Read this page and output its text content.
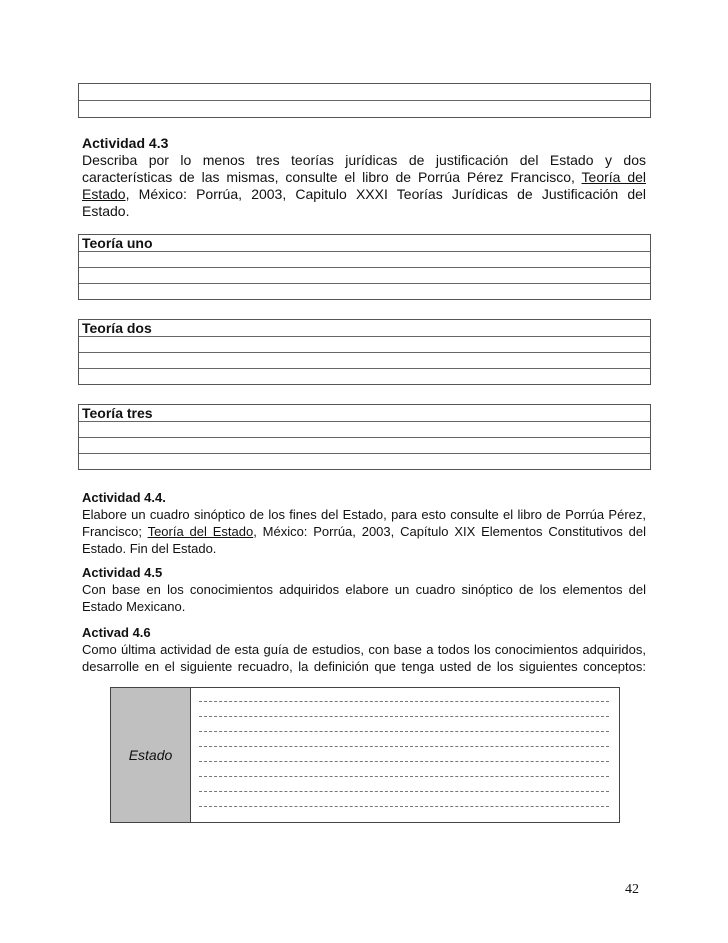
Actividad 4.3
Describa por lo menos tres teorías jurídicas de justificación del Estado y dos
características de las mismas, consulte el libro de Porrúa Pérez Francisco, Teoría del
Estado, México: Porrúa, 2003, Capitulo XXXI Teorías Jurídicas de Justificación del
Estado.
Teoría uno
Teoría dos
Teoría tres
Actividad 4.4.
Elabore un cuadro sinóptico de los fines del Estado, para esto consulte el libro de Porrúa Pérez,
Francisco; Teoría del Estado, México: Porrúa, 2003, Capítulo XIX Elementos Constitutivos del
Estado. Fin del Estado.
Actividad 4.5
Con base en los conocimientos adquiridos elabore un cuadro sinóptico de los elementos del
Estado Mexicano.
Activad 4.6
Como última actividad de esta guía de estudios, con base a todos los conocimientos adquiridos,
desarrolle en el siguiente recuadro, la definición que tenga usted de los siguientes conceptos:
Estado
42
